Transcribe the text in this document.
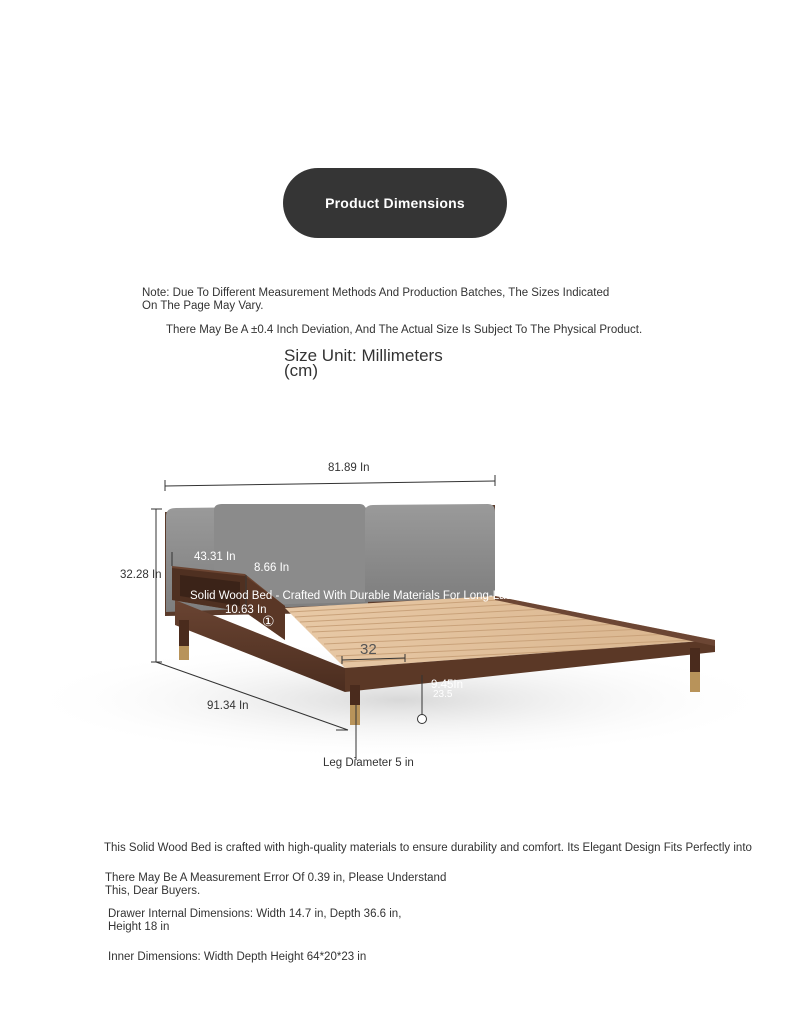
Product Dimensions
Note: Due To Different Measurement Methods And Production Batches, The Sizes Indicated
On The Page May Vary.
There May Be A ±0.4 Inch Deviation, And The Actual Size Is Subject To The Physical Product.
Size Unit: Millimeters
(cm)
81.89 In
32.28 In
43.31 In
8.66 In
10.63 In
①
32
9.45In
23.5
91.34 In
Leg Diameter 5 in
Solid Wood Bed - Crafted With Durable Materials For Long-Lasting Use. Elegant Design That Complements Any B
This Solid Wood Bed is crafted with high-quality materials to ensure durability and comfort. Its Elegant Design Fits Perfectly into
There May Be A Measurement Error Of 0.39 in, Please Understand
This, Dear Buyers.
Drawer Internal Dimensions: Width 14.7 in, Depth 36.6 in,
Height 18 in
Inner Dimensions: Width Depth Height 64*20*23 in
